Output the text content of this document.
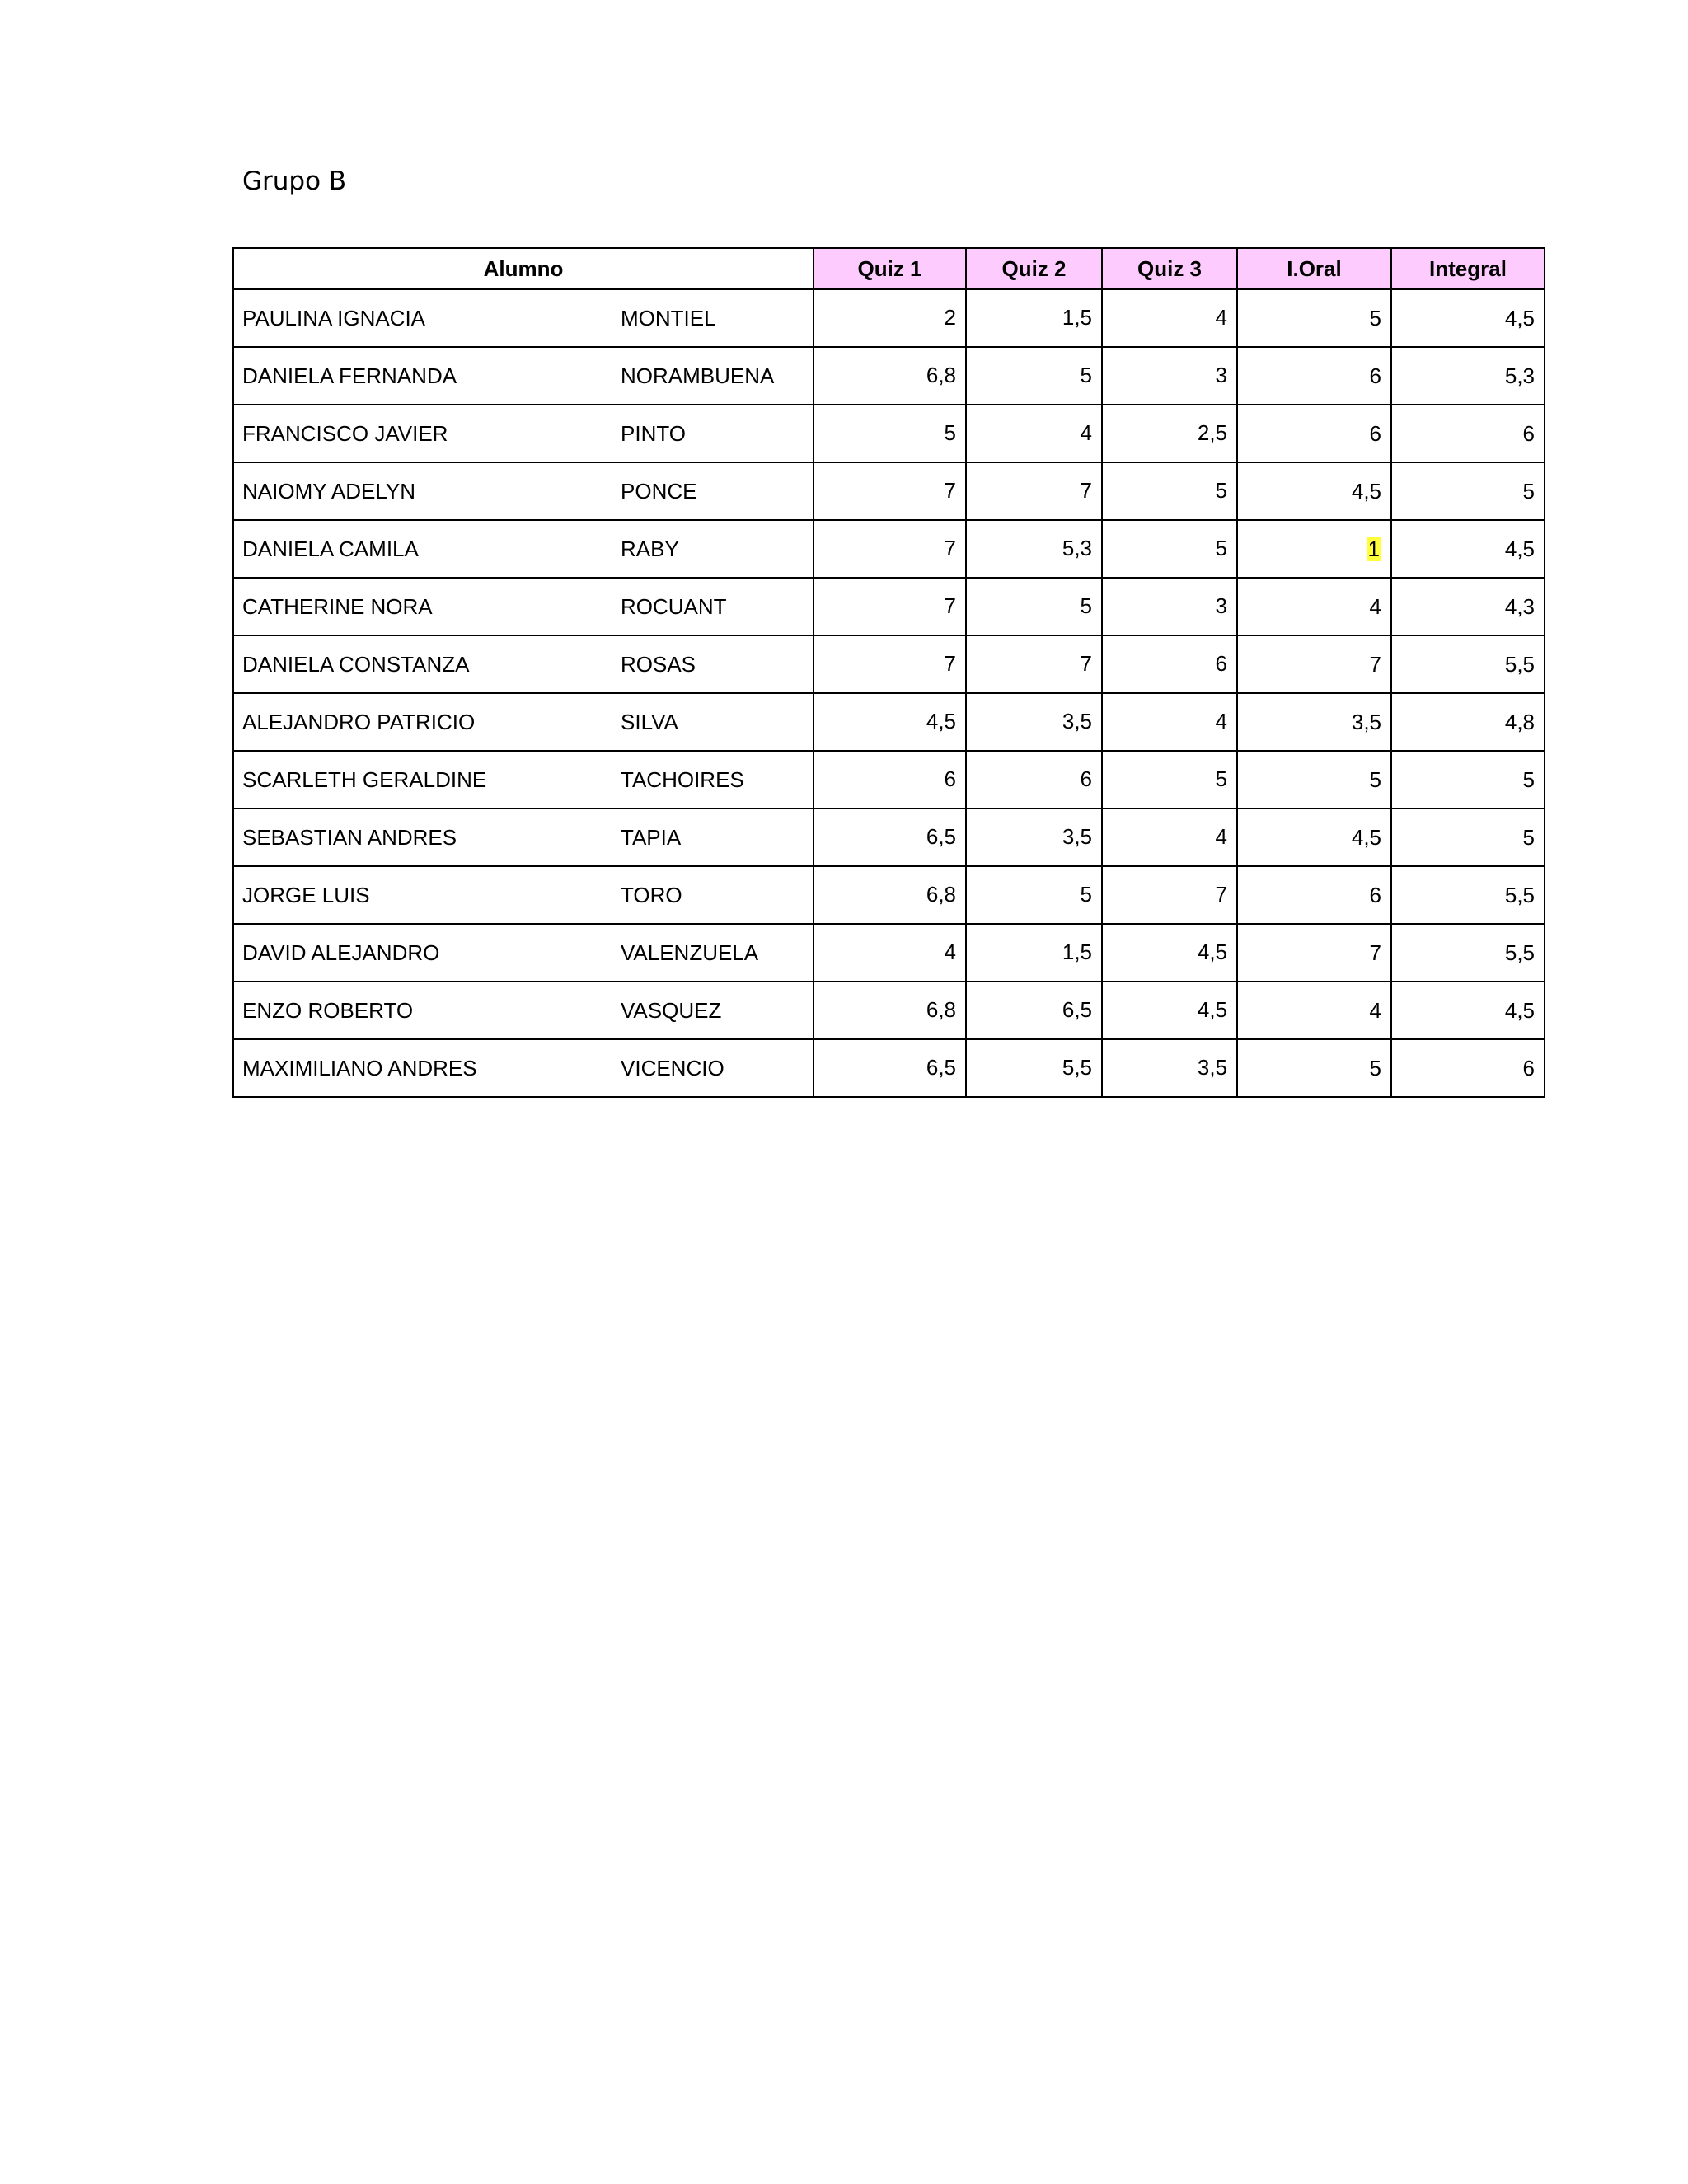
Grupo B
Alumno		Quiz 1	Quiz 2	Quiz 3	I.Oral	Integral
PAULINA IGNACIA	MONTIEL	2	1,5	4	5	4,5
DANIELA FERNANDA	NORAMBUENA	6,8	5	3	6	5,3
FRANCISCO JAVIER	PINTO	5	4	2,5	6	6
NAIOMY ADELYN	PONCE	7	7	5	4,5	5
DANIELA CAMILA	RABY	7	5,3	5	1	4,5
CATHERINE NORA	ROCUANT	7	5	3	4	4,3
DANIELA CONSTANZA	ROSAS	7	7	6	7	5,5
ALEJANDRO PATRICIO	SILVA	4,5	3,5	4	3,5	4,8
SCARLETH GERALDINE	TACHOIRES	6	6	5	5	5
SEBASTIAN ANDRES	TAPIA	6,5	3,5	4	4,5	5
JORGE LUIS	TORO	6,8	5	7	6	5,5
DAVID ALEJANDRO	VALENZUELA	4	1,5	4,5	7	5,5
ENZO ROBERTO	VASQUEZ	6,8	6,5	4,5	4	4,5
MAXIMILIANO ANDRES	VICENCIO	6,5	5,5	3,5	5	6
